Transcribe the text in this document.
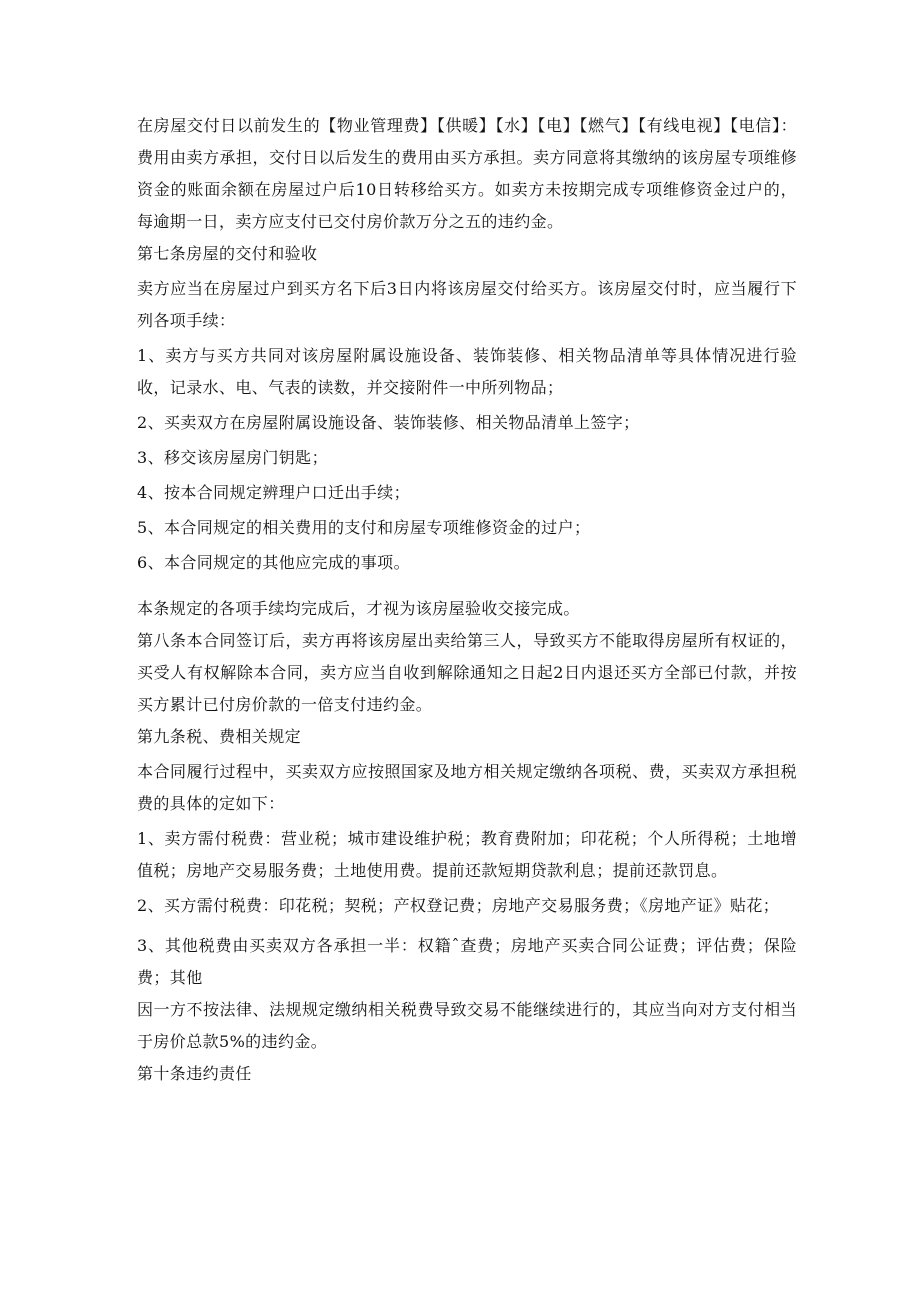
在房屋交付日以前发生的【物业管理费】【供暖】【水】【电】【燃气】【有线电视】【电信】：费用由卖方承担，交付日以后发生的费用由买方承担。卖方同意将其缴纳的该房屋专项维修资金的账面余额在房屋过户后10日转移给买方。如卖方未按期完成专项维修资金过户的，每逾期一日，卖方应支付已交付房价款万分之五的违约金。

第七条房屋的交付和验收

卖方应当在房屋过户到买方名下后3日内将该房屋交付给买方。该房屋交付时，应当履行下列各项手续：

1、卖方与买方共同对该房屋附属设施设备、装饰装修、相关物品清单等具体情况进行验收，记录水、电、气表的读数，并交接附件一中所列物品；

2、买卖双方在房屋附属设施设备、装饰装修、相关物品清单上签字；

3、移交该房屋房门钥匙；

4、按本合同规定辨理户口迁出手续；

5、本合同规定的相关费用的支付和房屋专项维修资金的过户；

6、本合同规定的其他应完成的事项。

本条规定的各项手续均完成后，才视为该房屋验收交接完成。

第八条本合同签订后，卖方再将该房屋出卖给第三人，导致买方不能取得房屋所有权证的，买受人有权解除本合同，卖方应当自收到解除通知之日起2日内退还买方全部已付款，并按买方累计已付房价款的一倍支付违约金。

第九条税、费相关规定

本合同履行过程中，买卖双方应按照国家及地方相关规定缴纳各项税、费，买卖双方承担税费的具体的定如下：

1、卖方需付税费：营业税；城市建设维护税；教育费附加；印花税；个人所得税；土地增值税；房地产交易服务费；土地使用费。提前还款短期贷款利息；提前还款罚息。

2、买方需付税费：印花税；契税；产权登记费；房地产交易服务费；《房地产证》贴花；

3、其他税费由买卖双方各承担一半：权籍ˆ查费；房地产买卖合同公证费；评估费；保险费；其他

因一方不按法律、法规规定缴纳相关税费导致交易不能继续进行的，其应当向对方支付相当于房价总款5%的违约金。

第十条违约责任
